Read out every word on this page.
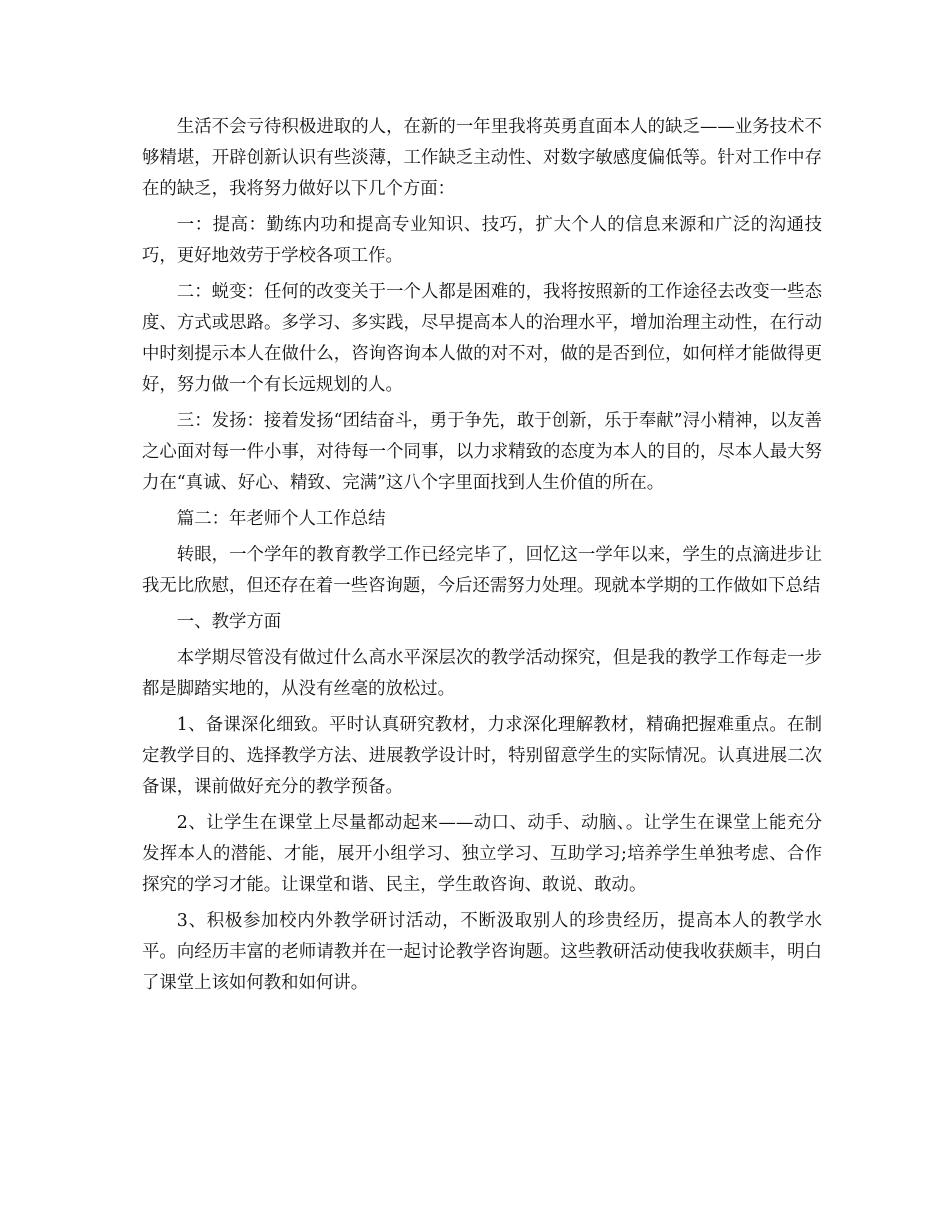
生活不会亏待积极进取的人，在新的一年里我将英勇直面本人的缺乏——业务技术不够精堪，开辟创新认识有些淡薄，工作缺乏主动性、对数字敏感度偏低等。针对工作中存在的缺乏，我将努力做好以下几个方面：

一：提高：勤练内功和提高专业知识、技巧，扩大个人的信息来源和广泛的沟通技巧，更好地效劳于学校各项工作。

二：蜕变：任何的改变关于一个人都是困难的，我将按照新的工作途径去改变一些态度、方式或思路。多学习、多实践，尽早提高本人的治理水平，增加治理主动性，在行动中时刻提示本人在做什么，咨询咨询本人做的对不对，做的是否到位，如何样才能做得更好，努力做一个有长远规划的人。

三：发扬：接着发扬“团结奋斗，勇于争先，敢于创新，乐于奉献”浔小精神，以友善之心面对每一件小事，对待每一个同事，以力求精致的态度为本人的目的，尽本人最大努力在“真诚、好心、精致、完满”这八个字里面找到人生价值的所在。

篇二：年老师个人工作总结

转眼，一个学年的教育教学工作已经完毕了，回忆这一学年以来，学生的点滴进步让我无比欣慰，但还存在着一些咨询题，今后还需努力处理。现就本学期的工作做如下总结

一、教学方面

本学期尽管没有做过什么高水平深层次的教学活动探究，但是我的教学工作每走一步都是脚踏实地的，从没有丝毫的放松过。

1、备课深化细致。平时认真研究教材，力求深化理解教材，精确把握难重点。在制定教学目的、选择教学方法、进展教学设计时，特别留意学生的实际情况。认真进展二次备课，课前做好充分的教学预备。

2、让学生在课堂上尽量都动起来——动口、动手、动脑、。让学生在课堂上能充分发挥本人的潜能、才能，展开小组学习、独立学习、互助学习;培养学生单独考虑、合作探究的学习才能。让课堂和谐、民主，学生敢咨询、敢说、敢动。

3、积极参加校内外教学研讨活动，不断汲取别人的珍贵经历，提高本人的教学水平。向经历丰富的老师请教并在一起讨论教学咨询题。这些教研活动使我收获颇丰，明白了课堂上该如何教和如何讲。
